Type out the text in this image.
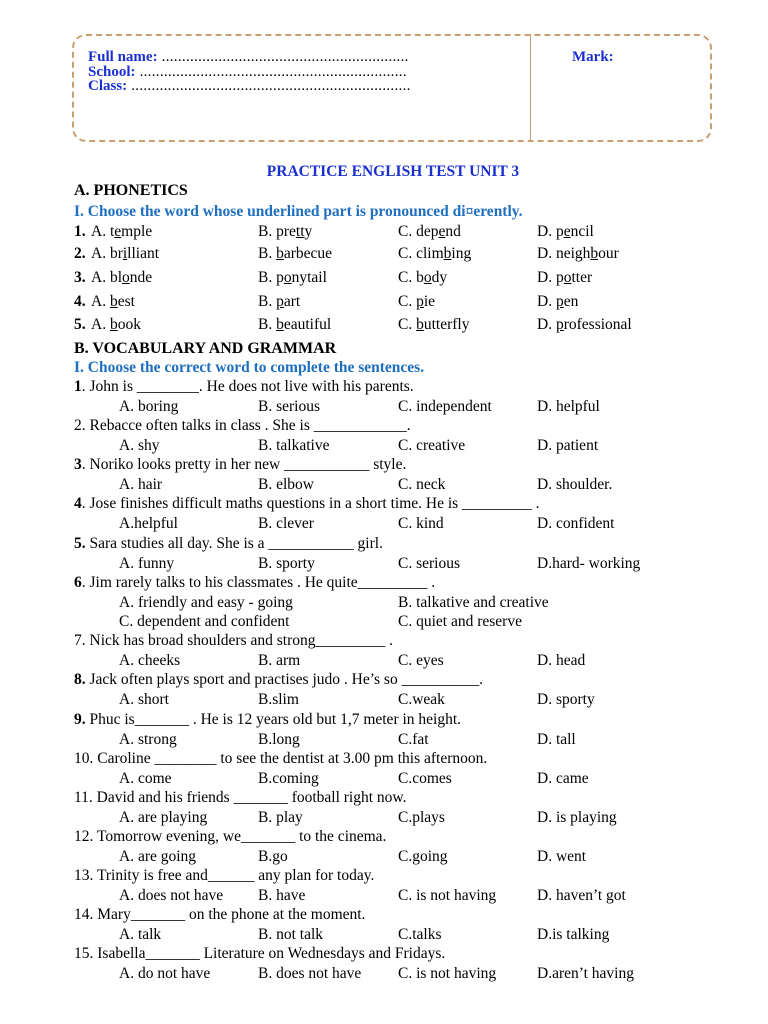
Full name: .............................................................
School: ..................................................................
Class: .....................................................................
Mark:
PRACTICE ENGLISH TEST UNIT 3
A. PHONETICS
I. Choose the word whose underlined part is pronounced di¤erently.
1. A. temple	B. pretty	C. depend	D. pencil
2. A. brilliant	B. barbecue	C. climbing	D. neighbour
3. A. blonde	B. ponytail	C. body	D. potter
4. A. best	B. part	C. pie	D. pen
5. A. book	B. beautiful	C. butterfly	D. professional
B. VOCABULARY AND GRAMMAR
I. Choose the correct word to complete the sentences.
1. John is ________. He does not live with his parents.
A. boring	B. serious	C. independent	D. helpful
2. Rebacce often talks in class . She is ____________.
A. shy	B. talkative	C. creative	D. patient
3. Noriko looks pretty in her new ___________ style.
A. hair	B. elbow	C. neck	D. shoulder.
4. Jose finishes difficult maths questions in a short time. He is _________ .
A.helpful	B. clever	C. kind	D. confident
5. Sara studies all day. She is a ___________ girl.
A. funny	B. sporty	C. serious	D.hard- working
6. Jim rarely talks to his classmates . He quite_________ .
A. friendly and easy - going	B. talkative and creative
C. dependent and confident	C. quiet and reserve
7. Nick has broad shoulders and strong_________ .
A. cheeks	B. arm	C. eyes	D. head
8. Jack often plays sport and practises judo . He’s so __________.
A. short	B.slim	C.weak	D. sporty
9. Phuc is_______ . He is 12 years old but 1,7 meter in height.
A. strong	B.long	C.fat	D. tall
10. Caroline ________ to see the dentist at 3.00 pm this afternoon.
A. come	B.coming	C.comes	D. came
11. David and his friends _______ football right now.
A. are playing	B. play	C.plays	D. is playing
12. Tomorrow evening, we_______ to the cinema.
A. are going	B.go	C.going	D. went
13. Trinity is free and______ any plan for today.
A. does not have B. have	C. is not having	D. haven’t got
14. Mary_______ on the phone at the moment.
A. talk	B. not talk	C.talks	D.is talking
15. Isabella_______ Literature on Wednesdays and Fridays.
A. do not have	B. does not have C. is not having	D.aren’t having
